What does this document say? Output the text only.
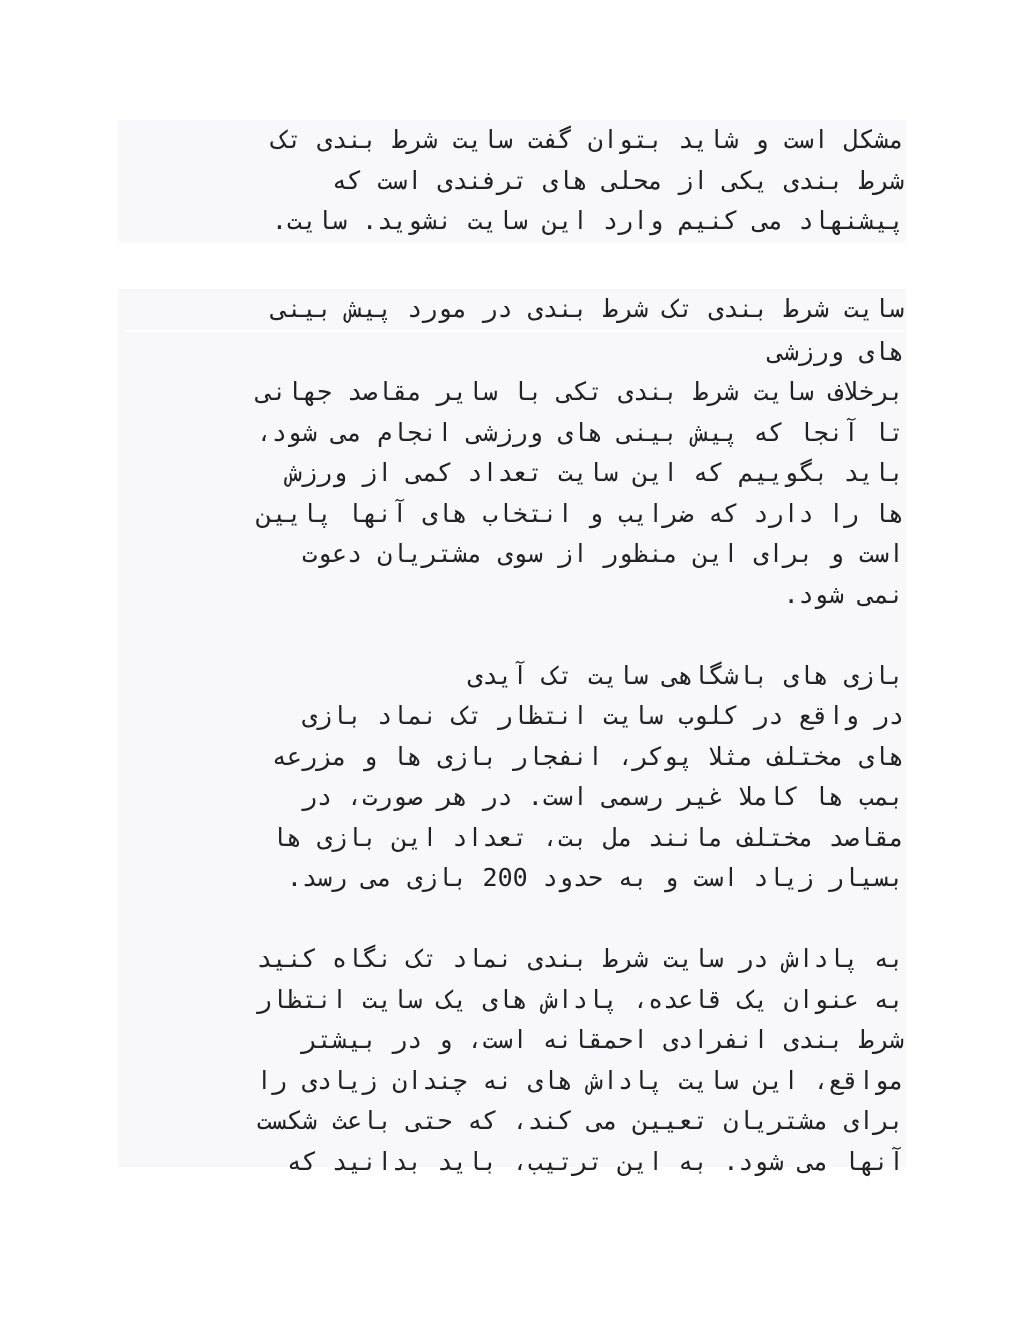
مشکل است و شاید بتوان گفت سایت شرط بندی تک
شرط بندی یکی از محلی های ترفندی است که
پیشنهاد می کنیم وارد این سایت نشوید. سایت.
سایت شرط بندی تک شرط بندی در مورد پیش بینی
های ورزشی
برخلاف سایت شرط بندی تکی با سایر مقاصد جهانی
تا آنجا که پیش بینی های ورزشی انجام می شود،
باید بگوییم که این سایت تعداد کمی از ورزش
ها را دارد که ضرایب و انتخاب های آنها پایین
است و برای این منظور از سوی مشتریان دعوت
نمی شود.
بازی های باشگاهی سایت تک آیدی
در واقع در کلوب سایت انتظار تک نماد بازی
های مختلف مثلا پوکر، انفجار بازی ها و مزرعه
بمب ها کاملا غیر رسمی است. در هر صورت، در
مقاصد مختلف مانند مل بت، تعداد این بازی ها
بسیار زیاد است و به حدود 200 بازی می رسد.
به پاداش در سایت شرط بندی نماد تک نگاه کنید
به عنوان یک قاعده، پاداش های یک سایت انتظار
شرط بندی انفرادی احمقانه است، و در بیشتر
مواقع، این سایت پاداش های نه چندان زیادی را
برای مشتریان تعیین می کند، که حتی باعث شکست
آنها می شود. به این ترتیب، باید بدانید که
